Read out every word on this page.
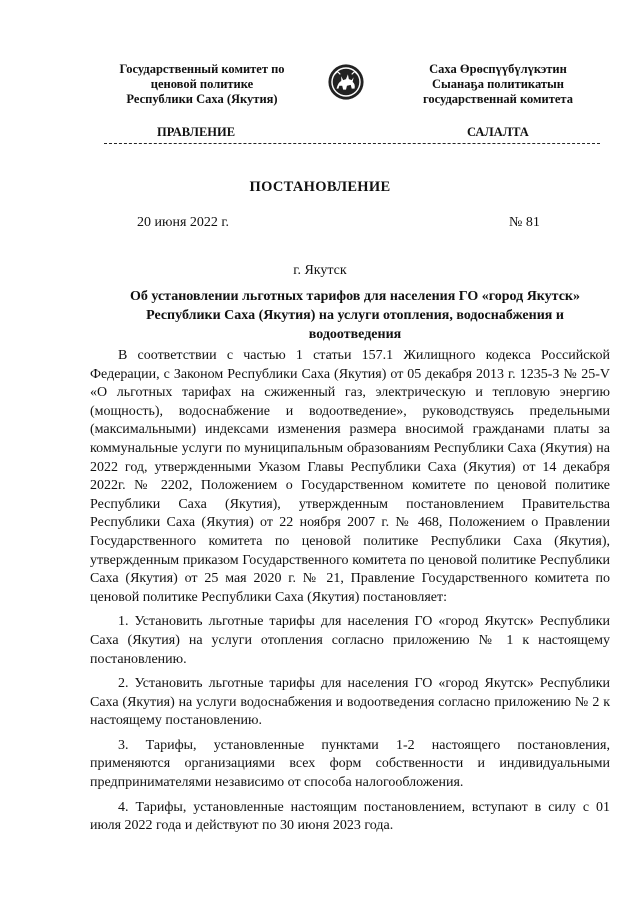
Государственный комитет по
ценовой политике
Республики Саха (Якутия)
Саха Өрөспүүбүлүкэтин
Сыанаҕа политикатын
государственнай комитета
ПРАВЛЕНИЕ	САЛАЛТА
ПОСТАНОВЛЕНИЕ
20 июня 2022 г.	№ 81
г. Якутск
Об установлении льготных тарифов для населения ГО «город Якутск» Республики Саха (Якутия) на услуги отопления, водоснабжения и водоотведения

В соответствии с частью 1 статьи 157.1 Жилищного кодекса Российской Федерации, с Законом Республики Саха (Якутия) от 05 декабря 2013 г. 1235-З № 25-V «О льготных тарифах на сжиженный газ, электрическую и тепловую энергию (мощность), водоснабжение и водоотведение», руководствуясь предельными (максимальными) индексами изменения размера вносимой гражданами платы за коммунальные услуги по муниципальным образованиям Республики Саха (Якутия) на 2022 год, утвержденными Указом Главы Республики Саха (Якутия) от 14 декабря 2022г. № 2202, Положением о Государственном комитете по ценовой политике Республики Саха (Якутия), утвержденным постановлением Правительства Республики Саха (Якутия) от 22 ноября 2007 г. № 468, Положением о Правлении Государственного комитета по ценовой политике Республики Саха (Якутия), утвержденным приказом Государственного комитета по ценовой политике Республики Саха (Якутия) от 25 мая 2020 г. № 21, Правление Государственного комитета по ценовой политике Республики Саха (Якутия) постановляет:

1. Установить льготные тарифы для населения ГО «город Якутск» Республики Саха (Якутия) на услуги отопления согласно приложению № 1 к настоящему постановлению.

2. Установить льготные тарифы для населения ГО «город Якутск» Республики Саха (Якутия) на услуги водоснабжения и водоотведения согласно приложению № 2 к настоящему постановлению.

3. Тарифы, установленные пунктами 1-2 настоящего постановления, применяются организациями всех форм собственности и индивидуальными предпринимателями независимо от способа налогообложения.

4. Тарифы, установленные настоящим постановлением, вступают в силу с 01 июля 2022 года и действуют по 30 июня 2023 года.
